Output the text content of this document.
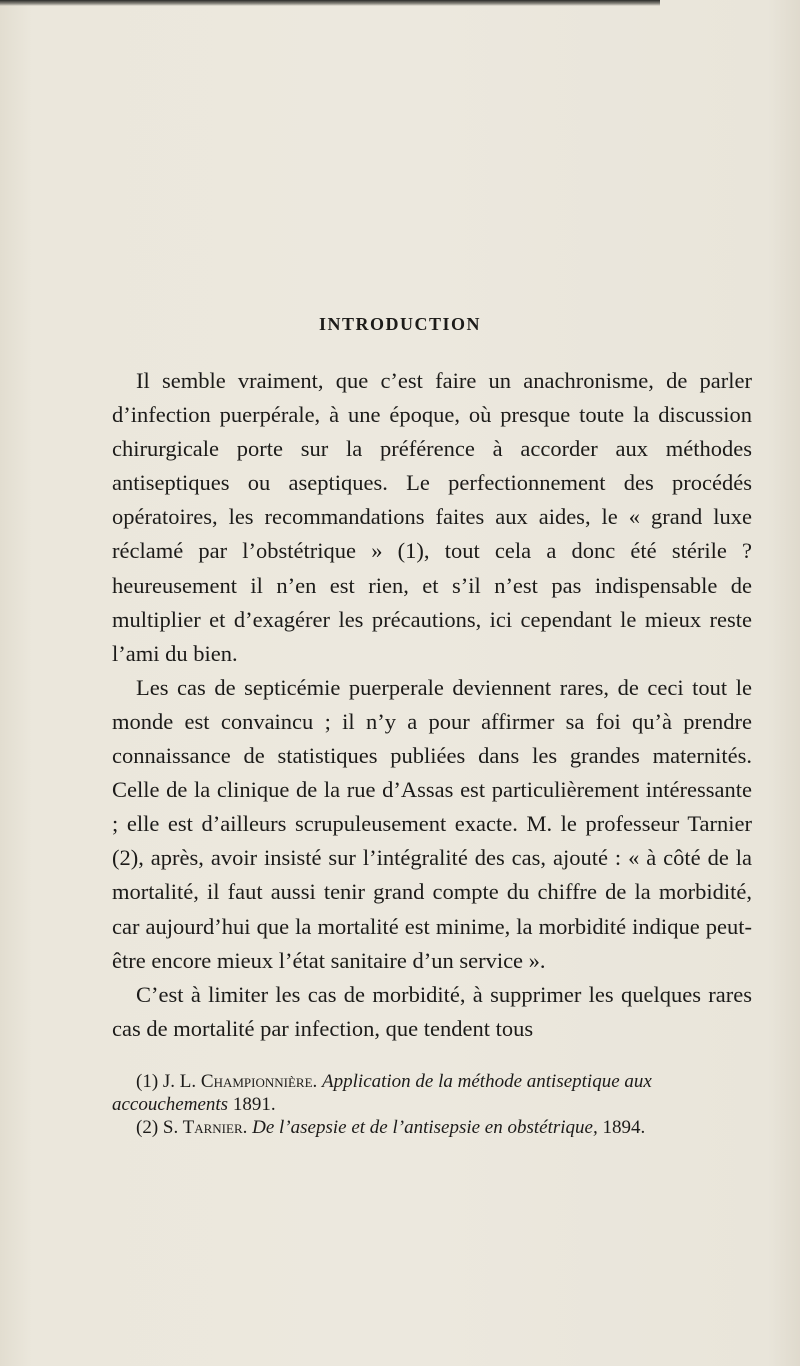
INTRODUCTION

Il semble vraiment, que c’est faire un anachronisme, de parler d’infection puerpérale, à une époque, où presque toute la discussion chirurgicale porte sur la préférence à accorder aux méthodes antiseptiques ou aseptiques. Le perfectionnement des procédés opératoires, les recommandations faites aux aides, le « grand luxe réclamé par l’obstétrique » (1), tout cela a donc été stérile ? heureusement il n’en est rien, et s’il n’est pas indispensable de multiplier et d’exagérer les précautions, ici cependant le mieux reste l’ami du bien.

Les cas de septicémie puerperale deviennent rares, de ceci tout le monde est convaincu ; il n’y a pour affirmer sa foi qu’à prendre connaissance de statistiques publiées dans les grandes maternités. Celle de la clinique de la rue d’Assas est particulièrement intéressante ; elle est d’ailleurs scrupuleusement exacte. M. le professeur Tarnier (2), après, avoir insisté sur l’intégralité des cas, ajouté : « à côté de la mortalité, il faut aussi tenir grand compte du chiffre de la morbidité, car aujourd’hui que la mortalité est minime, la morbidité indique peut-être encore mieux l’état sanitaire d’un service ».

C’est à limiter les cas de morbidité, à supprimer les quelques rares cas de mortalité par infection, que tendent tous

(1) J. L. Championnière. Application de la méthode antiseptique aux accouchements 1891.

(2) S. Tarnier. De l’asepsie et de l’antisepsie en obstétrique, 1894.
